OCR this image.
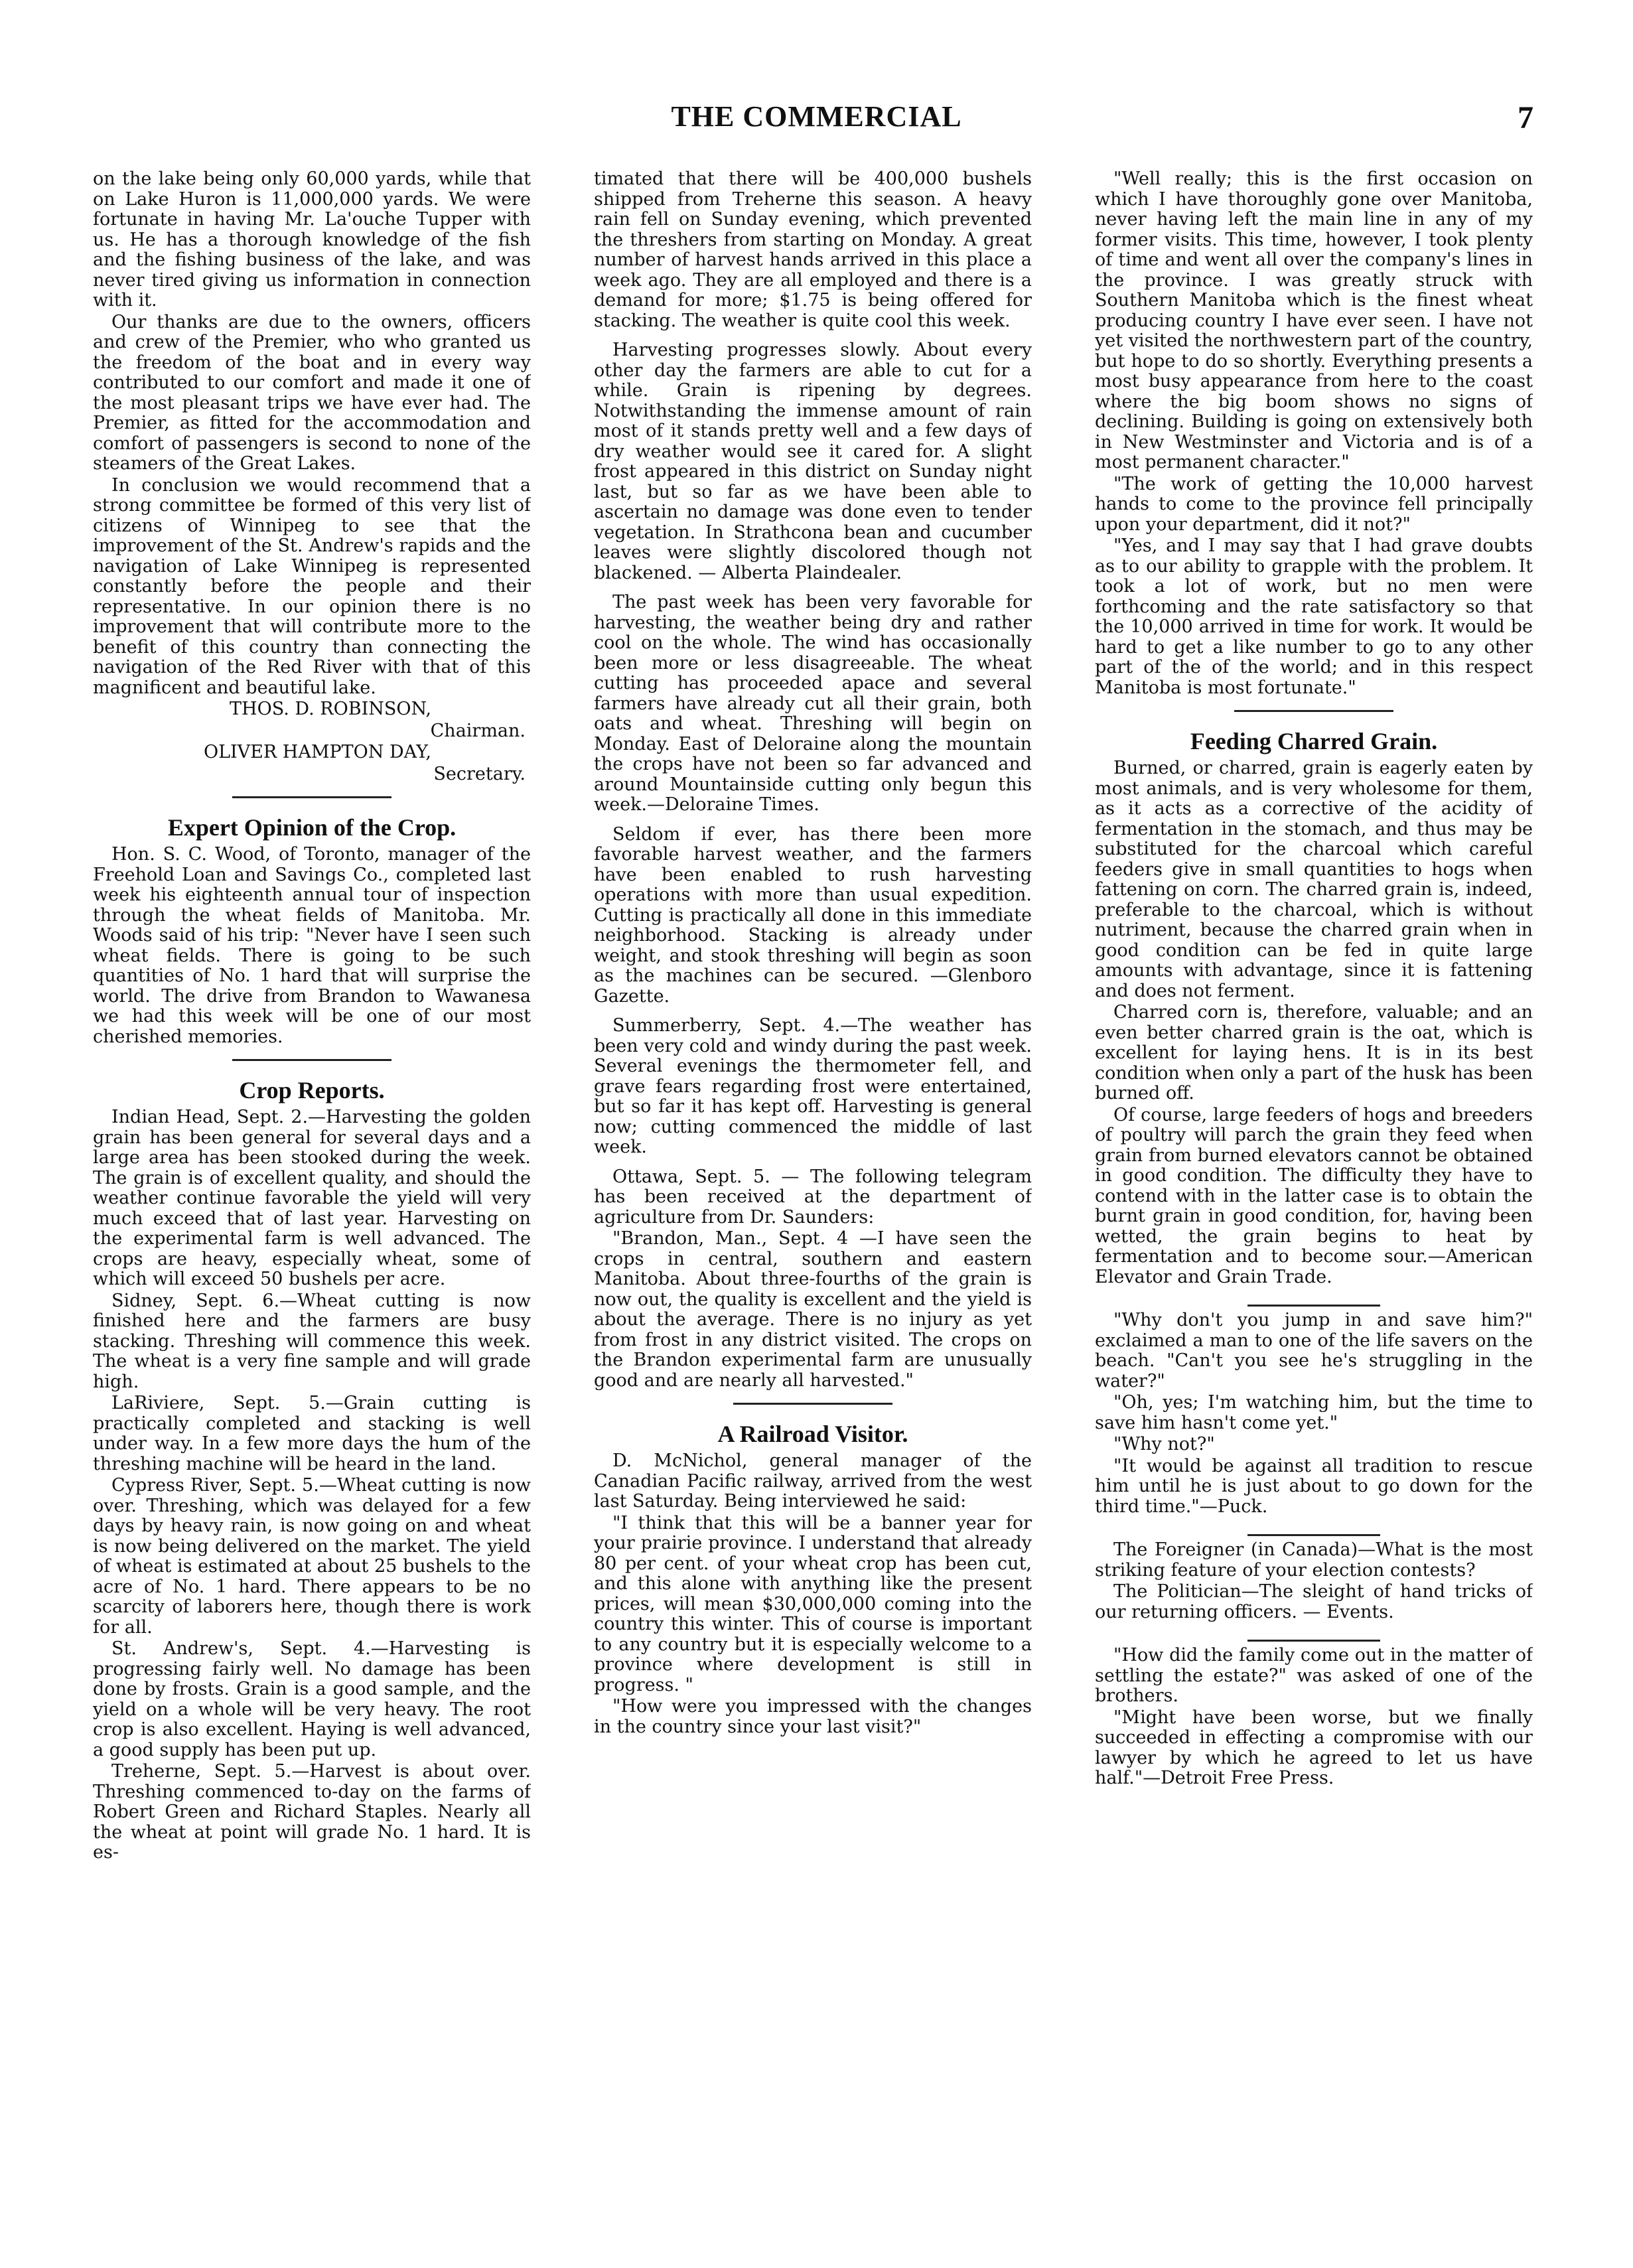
THE COMMERCIAL	7

on the lake being only 60,000 yards, while that on Lake Huron is 11,000,000 yards. We were fortunate in having Mr. La'ouche Tupper with us. He has a thorough knowledge of the fish and the fishing business of the lake, and was never tired giving us information in connection with it.

Our thanks are due to the owners, officers and crew of the Premier, who who granted us the freedom of the boat and in every way contributed to our comfort and made it one of the most pleasant trips we have ever had. The Premier, as fitted for the accommodation and comfort of passengers is second to none of the steamers of the Great Lakes.

In conclusion we would recommend that a strong committee be formed of this very list of citizens of Winnipeg to see that the improvement of the St. Andrew's rapids and the navigation of Lake Winnipeg is represented constantly before the people and their representative. In our opinion there is no improvement that will contribute more to the benefit of this country than connecting the navigation of the Red River with that of this magnificent and beautiful lake.

THOS. D. ROBINSON,

Chairman.

OLIVER HAMPTON DAY,

Secretary.

Expert Opinion of the Crop.

Hon. S. C. Wood, of Toronto, manager of the Freehold Loan and Savings Co., completed last week his eighteenth annual tour of inspection through the wheat fields of Manitoba. Mr. Woods said of his trip: "Never have I seen such wheat fields. There is going to be such quantities of No. 1 hard that will surprise the world. The drive from Brandon to Wawanesa we had this week will be one of our most cherished memories.

Crop Reports.

Indian Head, Sept. 2.—Harvesting the golden grain has been general for several days and a large area has been stooked during the week. The grain is of excellent quality, and should the weather continue favorable the yield will very much exceed that of last year. Harvesting on the experimental farm is well advanced. The crops are heavy, especially wheat, some of which will exceed 50 bushels per acre.

Sidney, Sept. 6.—Wheat cutting is now finished here and the farmers are busy stacking. Threshing will commence this week. The wheat is a very fine sample and will grade high.

LaRiviere, Sept. 5.—Grain cutting is practically completed and stacking is well under way. In a few more days the hum of the threshing machine will be heard in the land.

Cypress River, Sept. 5.—Wheat cutting is now over. Threshing, which was delayed for a few days by heavy rain, is now going on and wheat is now being delivered on the market. The yield of wheat is estimated at about 25 bushels to the acre of No. 1 hard. There appears to be no scarcity of laborers here, though there is work for all.

St. Andrew's, Sept. 4.—Harvesting is progressing fairly well. No damage has been done by frosts. Grain is a good sample, and the yield on a whole will be very heavy. The root crop is also excellent. Haying is well advanced, a good supply has been put up.

Treherne, Sept. 5.—Harvest is about over. Threshing commenced to-day on the farms of Robert Green and Richard Staples. Nearly all the wheat at point will grade No. 1 hard. It is es-

timated that there will be 400,000 bushels shipped from Treherne this season. A heavy rain fell on Sunday evening, which prevented the threshers from starting on Monday. A great number of harvest hands arrived in this place a week ago. They are all employed and there is a demand for more; $1.75 is being offered for stacking. The weather is quite cool this week.

Harvesting progresses slowly. About every other day the farmers are able to cut for a while. Grain is ripening by degrees. Notwithstanding the immense amount of rain most of it stands pretty well and a few days of dry weather would see it cared for. A slight frost appeared in this district on Sunday night last, but so far as we have been able to ascertain no damage was done even to tender vegetation. In Strathcona bean and cucumber leaves were slightly discolored though not blackened. — Alberta Plaindealer.

The past week has been very favorable for harvesting, the weather being dry and rather cool on the whole. The wind has occasionally been more or less disagreeable. The wheat cutting has proceeded apace and several farmers have already cut all their grain, both oats and wheat. Threshing will begin on Monday. East of Deloraine along the mountain the crops have not been so far advanced and around Mountainside cutting only begun this week.—Deloraine Times.

Seldom if ever, has there been more favorable harvest weather, and the farmers have been enabled to rush harvesting operations with more than usual expedition. Cutting is practically all done in this immediate neighborhood. Stacking is already under weight, and stook threshing will begin as soon as the machines can be secured. —Glenboro Gazette.

Summerberry, Sept. 4.—The weather has been very cold and windy during the past week. Several evenings the thermometer fell, and grave fears regarding frost were entertained, but so far it has kept off. Harvesting is general now; cutting commenced the middle of last week.

Ottawa, Sept. 5. — The following telegram has been received at the department of agriculture from Dr. Saunders:

"Brandon, Man., Sept. 4 —I have seen the crops in central, southern and eastern Manitoba. About three-fourths of the grain is now out, the quality is excellent and the yield is about the average. There is no injury as yet from frost in any district visited. The crops on the Brandon experimental farm are unusually good and are nearly all harvested."

A Railroad Visitor.

D. McNichol, general manager of the Canadian Pacific railway, arrived from the west last Saturday. Being interviewed he said:

"I think that this will be a banner year for your prairie province. I understand that already 80 per cent. of your wheat crop has been cut, and this alone with anything like the present prices, will mean $30,000,000 coming into the country this winter. This of course is important to any country but it is especially welcome to a province where development is still in progress. "

"How were you impressed with the changes in the country since your last visit?"

"Well really; this is the first occasion on which I have thoroughly gone over Manitoba, never having left the main line in any of my former visits. This time, however, I took plenty of time and went all over the company's lines in the province. I was greatly struck with Southern Manitoba which is the finest wheat producing country I have ever seen. I have not yet visited the northwestern part of the country, but hope to do so shortly. Everything presents a most busy appearance from here to the coast where the big boom shows no signs of declining. Building is going on extensively both in New Westminster and Victoria and is of a most permanent character."

"The work of getting the 10,000 harvest hands to come to the province fell principally upon your department, did it not?"

"Yes, and I may say that I had grave doubts as to our ability to grapple with the problem. It took a lot of work, but no men were forthcoming and the rate satisfactory so that the 10,000 arrived in time for work. It would be hard to get a like number to go to any other part of the of the world; and in this respect Manitoba is most fortunate."

Feeding Charred Grain.

Burned, or charred, grain is eagerly eaten by most animals, and is very wholesome for them, as it acts as a corrective of the acidity of fermentation in the stomach, and thus may be substituted for the charcoal which careful feeders give in small quantities to hogs when fattening on corn. The charred grain is, indeed, preferable to the charcoal, which is without nutriment, because the charred grain when in good condition can be fed in quite large amounts with advantage, since it is fattening and does not ferment.

Charred corn is, therefore, valuable; and an even better charred grain is the oat, which is excellent for laying hens. It is in its best condition when only a part of the husk has been burned off.

Of course, large feeders of hogs and breeders of poultry will parch the grain they feed when grain from burned elevators cannot be obtained in good condition. The difficulty they have to contend with in the latter case is to obtain the burnt grain in good condition, for, having been wetted, the grain begins to heat by fermentation and to become sour.—American Elevator and Grain Trade.

"Why don't you jump in and save him?" exclaimed a man to one of the life savers on the beach. "Can't you see he's struggling in the water?"

"Oh, yes; I'm watching him, but the time to save him hasn't come yet."

"Why not?"

"It would be against all tradition to rescue him until he is just about to go down for the third time."—Puck.

The Foreigner (in Canada)—What is the most striking feature of your election contests?

The Politician—The sleight of hand tricks of our returning officers. — Events.

"How did the family come out in the matter of settling the estate?" was asked of one of the brothers.

"Might have been worse, but we finally succeeded in effecting a compromise with our lawyer by which he agreed to let us have half."—Detroit Free Press.
